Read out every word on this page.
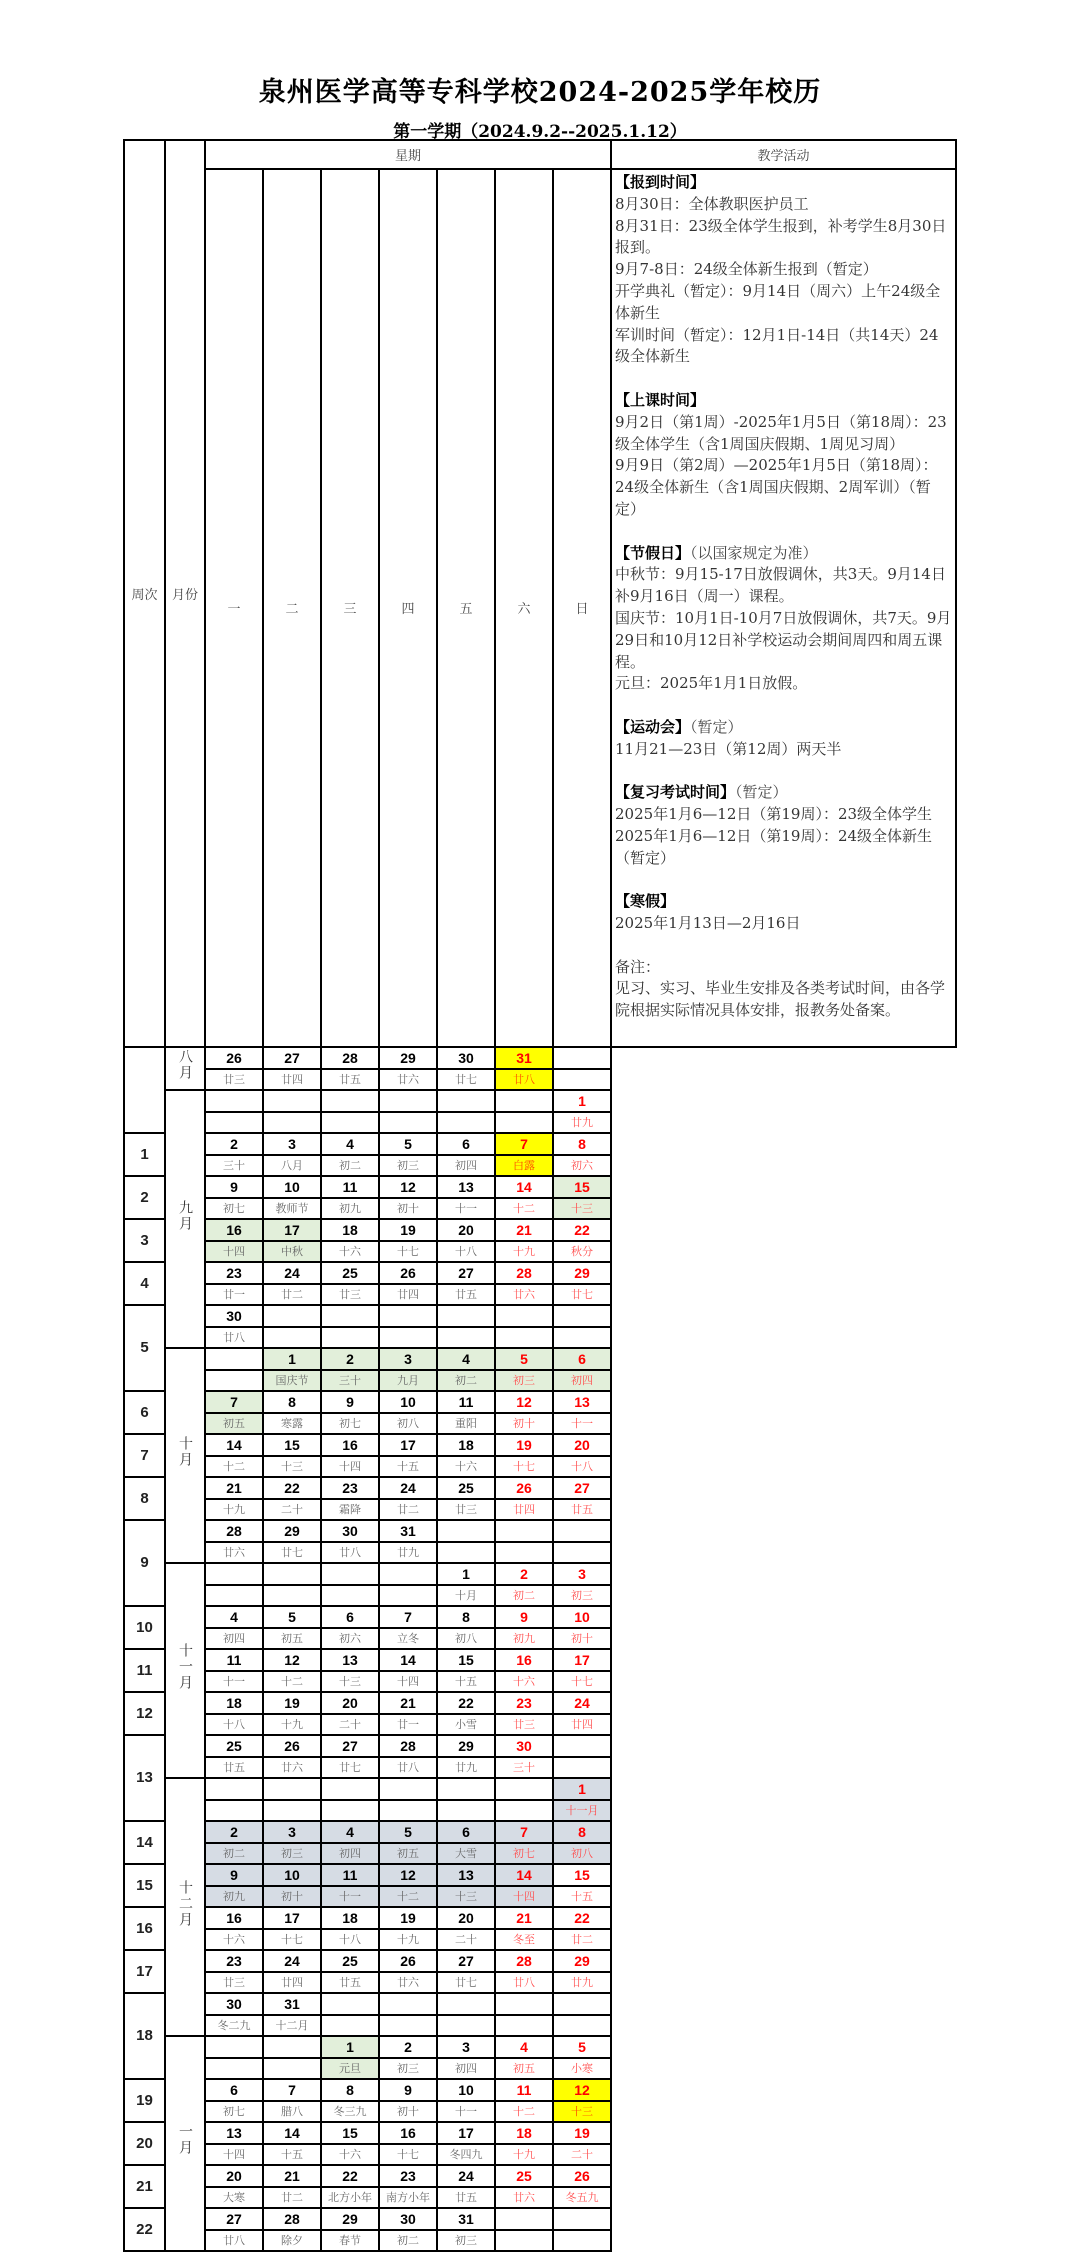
泉州医学高等专科学校2024-2025学年校历
第一学期（2024.9.2--2025.1.12）
周次	月份	星期							教学活动
一	二	三	四	五	六	日	
【报到时间】
8月30日：全体教职医护员工
8月31日：23级全体学生报到，补考学生8月30日报到。
9月7-8日：24级全体新生报到（暂定）
开学典礼（暂定）：9月14日（周六）上午24级全体新生
军训时间（暂定）：12月1日-14日（共14天）24级全体新生
【上课时间】
9月2日（第1周）-2025年1月5日（第18周）：23级全体学生（含1周国庆假期、1周见习周）
9月9日（第2周）—2025年1月5日（第18周）：24级全体新生（含1周国庆假期、2周军训）（暂定）
【节假日】（以国家规定为准）
中秋节：9月15-17日放假调休，共3天。9月14日补9月16日（周一）课程。
国庆节：10月1日-10月7日放假调休，共7天。9月29日和10月12日补学校运动会期间周四和周五课程。
元旦：2025年1月1日放假。
【运动会】（暂定）
11月21—23日（第12周）两天半
【复习考试时间】（暂定）
2025年1月6—12日（第19周）：23级全体学生
2025年1月6—12日（第19周）：24级全体新生（暂定）
【寒假】
2025年1月13日—2月16日
备注：
见习、实习、毕业生安排及各类考试时间，由各学院根据实际情况具体安排，报教务处备案。

	八月	26	27	28	29	30	31		
		廿三	廿四	廿五	廿六	廿七	廿八		
	九月							1	
								廿九	
1		2	3	4	5	6	7	8	
		三十	八月	初二	初三	初四	白露	初六	
2		9	10	11	12	13	14	15	
		初七	教师节	初九	初十	十一	十二	十三	
3		16	17	18	19	20	21	22	
		十四	中秋	十六	十七	十八	十九	秋分	
4		23	24	25	26	27	28	29	
		廿一	廿二	廿三	廿四	廿五	廿六	廿七	
5		30							
		廿八							
	十月		1	2	3	4	5	6	
			国庆节	三十	九月	初二	初三	初四	
6		7	8	9	10	11	12	13	
		初五	寒露	初七	初八	重阳	初十	十一	
7		14	15	16	17	18	19	20	
		十二	十三	十四	十五	十六	十七	十八	
8		21	22	23	24	25	26	27	
		十九	二十	霜降	廿二	廿三	廿四	廿五	
9		28	29	30	31				
		廿六	廿七	廿八	廿九				
	十一月					1	2	3	
						十月	初二	初三	
10		4	5	6	7	8	9	10	
		初四	初五	初六	立冬	初八	初九	初十	
11		11	12	13	14	15	16	17	
		十一	十二	十三	十四	十五	十六	十七	
12		18	19	20	21	22	23	24	
		十八	十九	二十	廿一	小雪	廿三	廿四	
13		25	26	27	28	29	30		
		廿五	廿六	廿七	廿八	廿九	三十		
	十二月							1	
								十一月	
14		2	3	4	5	6	7	8	
		初二	初三	初四	初五	大雪	初七	初八	
15		9	10	11	12	13	14	15	
		初九	初十	十一	十二	十三	十四	十五	
16		16	17	18	19	20	21	22	
		十六	十七	十八	十九	二十	冬至	廿二	
17		23	24	25	26	27	28	29	
		廿三	廿四	廿五	廿六	廿七	廿八	廿九	
18		30	31						
		冬二九	十二月						
	一月			1	2	3	4	5	
				元旦	初三	初四	初五	小寒	
19		6	7	8	9	10	11	12	
		初七	腊八	冬三九	初十	十一	十二	十三	
20		13	14	15	16	17	18	19	
		十四	十五	十六	十七	冬四九	十九	二十	
21		20	21	22	23	24	25	26	
		大寒	廿二	北方小年	南方小年	廿五	廿六	冬五九	
22		27	28	29	30	31			
		廿八	除夕	春节	初二	初三			
